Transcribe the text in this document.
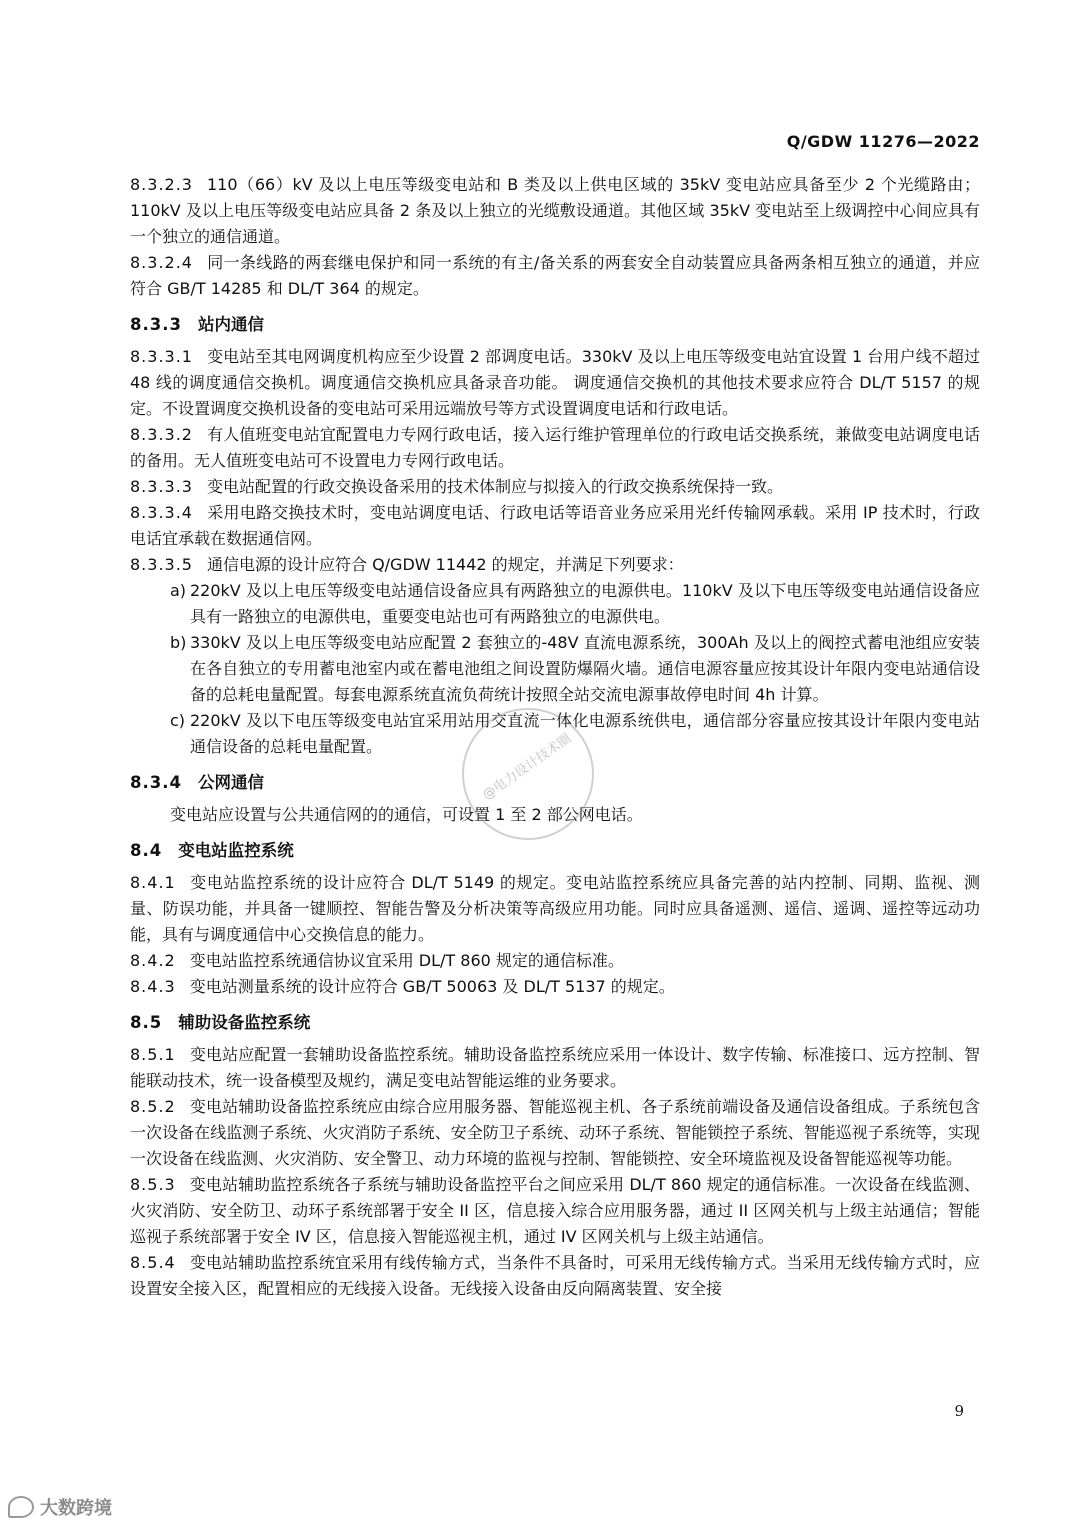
Q/GDW 11276—2022

8.3.2.3 110（66）kV 及以上电压等级变电站和 B 类及以上供电区域的 35kV 变电站应具备至少 2 个光缆路由；110kV 及以上电压等级变电站应具备 2 条及以上独立的光缆敷设通道。其他区域 35kV 变电站至上级调控中心间应具有一个独立的通信通道。

8.3.2.4 同一条线路的两套继电保护和同一系统的有主/备关系的两套安全自动装置应具备两条相互独立的通道，并应符合 GB/T 14285 和 DL/T 364 的规定。

8.3.3 站内通信

8.3.3.1 变电站至其电网调度机构应至少设置 2 部调度电话。330kV 及以上电压等级变电站宜设置 1 台用户线不超过 48 线的调度通信交换机。调度通信交换机应具备录音功能。 调度通信交换机的其他技术要求应符合 DL/T 5157 的规定。不设置调度交换机设备的变电站可采用远端放号等方式设置调度电话和行政电话。

8.3.3.2 有人值班变电站宜配置电力专网行政电话，接入运行维护管理单位的行政电话交换系统，兼做变电站调度电话的备用。无人值班变电站可不设置电力专网行政电话。

8.3.3.3 变电站配置的行政交换设备采用的技术体制应与拟接入的行政交换系统保持一致。

8.3.3.4 采用电路交换技术时，变电站调度电话、行政电话等语音业务应采用光纤传输网承载。采用 IP 技术时，行政电话宜承载在数据通信网。

8.3.3.5 通信电源的设计应符合 Q/GDW 11442 的规定，并满足下列要求：

a) 220kV 及以上电压等级变电站通信设备应具有两路独立的电源供电。110kV 及以下电压等级变电站通信设备应具有一路独立的电源供电，重要变电站也可有两路独立的电源供电。
b) 330kV 及以上电压等级变电站应配置 2 套独立的-48V 直流电源系统，300Ah 及以上的阀控式蓄电池组应安装在各自独立的专用蓄电池室内或在蓄电池组之间设置防爆隔火墙。通信电源容量应按其设计年限内变电站通信设备的总耗电量配置。每套电源系统直流负荷统计按照全站交流电源事故停电时间 4h 计算。
c) 220kV 及以下电压等级变电站宜采用站用交直流一体化电源系统供电，通信部分容量应按其设计年限内变电站通信设备的总耗电量配置。
8.3.4 公网通信
变电站应设置与公共通信网的的通信，可设置 1 至 2 部公网电话。
8.4 变电站监控系统

8.4.1 变电站监控系统的设计应符合 DL/T 5149 的规定。变电站监控系统应具备完善的站内控制、同期、监视、测量、防误功能，并具备一键顺控、智能告警及分析决策等高级应用功能。同时应具备遥测、遥信、遥调、遥控等远动功能，具有与调度通信中心交换信息的能力。

8.4.2 变电站监控系统通信协议宜采用 DL/T 860 规定的通信标准。

8.4.3 变电站测量系统的设计应符合 GB/T 50063 及 DL/T 5137 的规定。

8.5 辅助设备监控系统

8.5.1 变电站应配置一套辅助设备监控系统。辅助设备监控系统应采用一体设计、数字传输、标准接口、远方控制、智能联动技术，统一设备模型及规约，满足变电站智能运维的业务要求。

8.5.2 变电站辅助设备监控系统应由综合应用服务器、智能巡视主机、各子系统前端设备及通信设备组成。子系统包含一次设备在线监测子系统、火灾消防子系统、安全防卫子系统、动环子系统、智能锁控子系统、智能巡视子系统等，实现一次设备在线监测、火灾消防、安全警卫、动力环境的监视与控制、智能锁控、安全环境监视及设备智能巡视等功能。

8.5.3 变电站辅助监控系统各子系统与辅助设备监控平台之间应采用 DL/T 860 规定的通信标准。一次设备在线监测、火灾消防、安全防卫、动环子系统部署于安全 II 区，信息接入综合应用服务器，通过 II 区网关机与上级主站通信；智能巡视子系统部署于安全 IV 区，信息接入智能巡视主机，通过 IV 区网关机与上级主站通信。

8.5.4 变电站辅助监控系统宜采用有线传输方式，当条件不具备时，可采用无线传输方式。当采用无线传输方式时，应设置安全接入区，配置相应的无线接入设备。无线接入设备由反向隔离装置、安全接

@电力设计技术圈
9
大数跨境
